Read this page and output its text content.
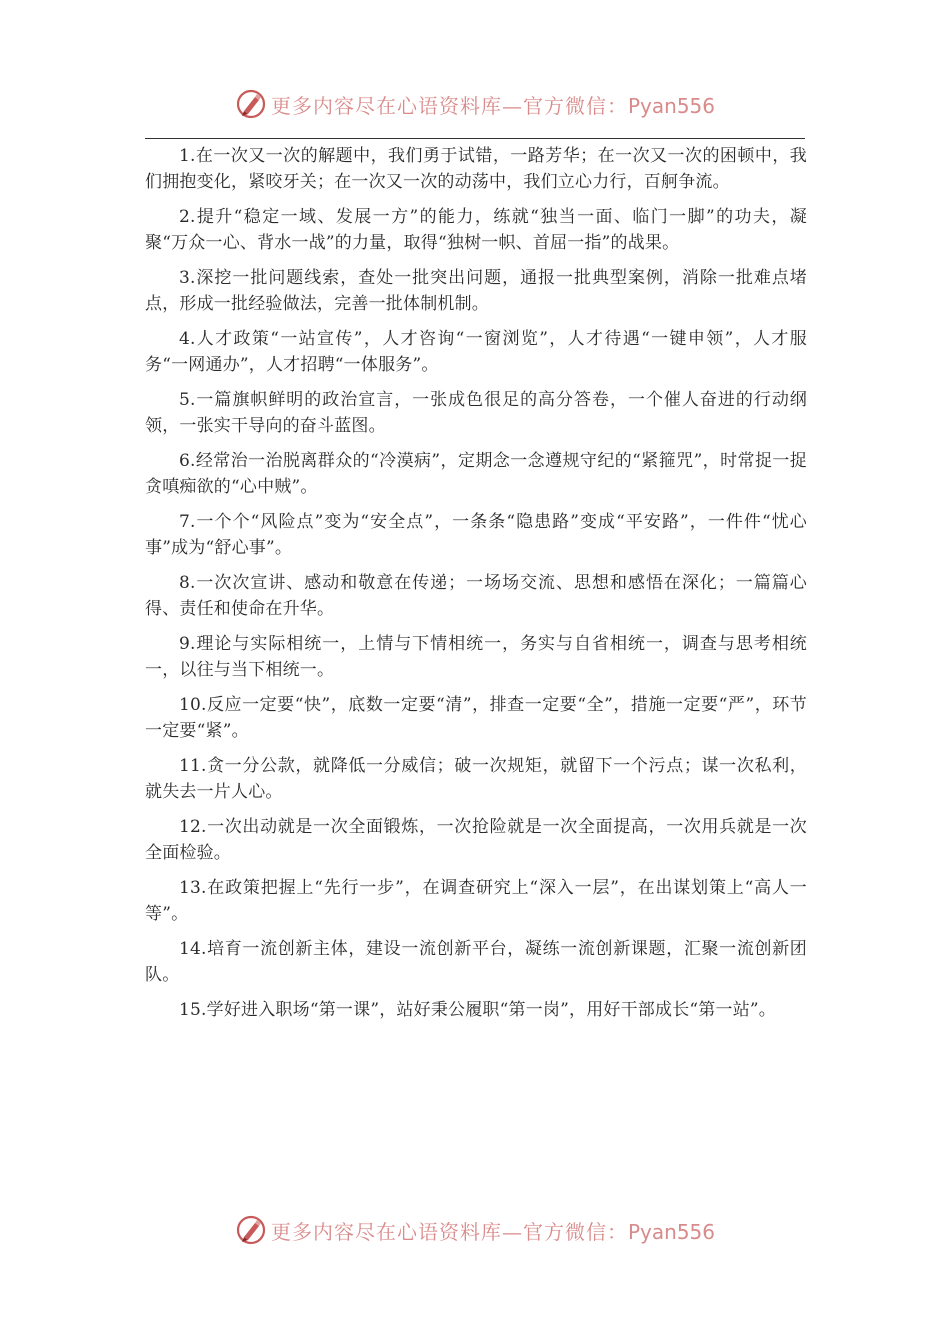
更多内容尽在心语资料库—官方微信：Pyan556

1.在一次又一次的解题中，我们勇于试错，一路芳华；在一次又一次的困顿中，我们拥抱变化，紧咬牙关；在一次又一次的动荡中，我们立心力行，百舸争流。

2.提升“稳定一域、发展一方”的能力，练就“独当一面、临门一脚”的功夫，凝聚“万众一心、背水一战”的力量，取得“独树一帜、首屈一指”的战果。

3.深挖一批问题线索，查处一批突出问题，通报一批典型案例，消除一批难点堵点，形成一批经验做法，完善一批体制机制。

4.人才政策“一站宣传”，人才咨询“一窗浏览”，人才待遇“一键申领”，人才服务“一网通办”，人才招聘“一体服务”。

5.一篇旗帜鲜明的政治宣言，一张成色很足的高分答卷，一个催人奋进的行动纲领，一张实干导向的奋斗蓝图。

6.经常治一治脱离群众的“冷漠病”，定期念一念遵规守纪的“紧箍咒”，时常捉一捉贪嗔痴欲的“心中贼”。

7.一个个“风险点”变为“安全点”，一条条“隐患路”变成“平安路”，一件件“忧心事”成为“舒心事”。

8.一次次宣讲、感动和敬意在传递；一场场交流、思想和感悟在深化；一篇篇心得、责任和使命在升华。

9.理论与实际相统一，上情与下情相统一，务实与自省相统一，调查与思考相统一，以往与当下相统一。

10.反应一定要“快”，底数一定要“清”，排查一定要“全”，措施一定要“严”，环节一定要“紧”。

11.贪一分公款，就降低一分威信；破一次规矩，就留下一个污点；谋一次私利，就失去一片人心。

12.一次出动就是一次全面锻炼，一次抢险就是一次全面提高，一次用兵就是一次全面检验。

13.在政策把握上“先行一步”，在调查研究上“深入一层”，在出谋划策上“高人一等”。

14.培育一流创新主体，建设一流创新平台，凝练一流创新课题，汇聚一流创新团队。

15.学好进入职场“第一课”，站好秉公履职“第一岗”，用好干部成长“第一站”。

更多内容尽在心语资料库—官方微信：Pyan556
